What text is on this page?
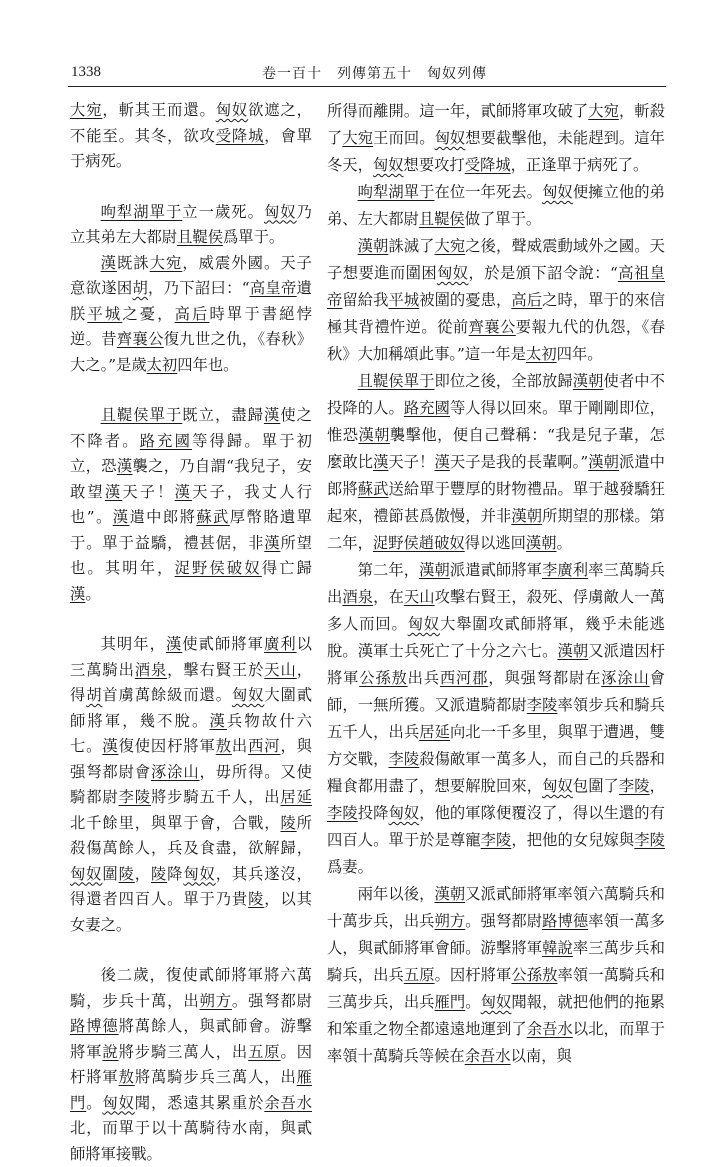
1338	卷一百十　列傳第五十　匈奴列傳

大宛，斬其王而還。匈奴欲遮之，不能至。其冬，欲攻受降城，會單于病死。

呴犁湖單于立一歲死。匈奴乃立其弟左大都尉且鞮侯爲單于。

漢既誅大宛，威震外國。天子意欲遂困胡，乃下詔曰：“高皇帝遺朕平城之憂，高后時單于書絕悖逆。昔齊襄公復九世之仇，《春秋》大之。”是歲太初四年也。

且鞮侯單于既立，盡歸漢使之不降者。路充國等得歸。單于初立，恐漢襲之，乃自謂“我兒子，安敢望漢天子！漢天子，我丈人行也”。漢遣中郎將蘇武厚幣賂遺單于。單于益驕，禮甚倨，非漢所望也。其明年，浞野侯破奴得亡歸漢。

其明年，漢使貳師將軍廣利以三萬騎出酒泉，擊右賢王於天山，得胡首虜萬餘級而還。匈奴大圍貳師將軍，幾不脫。漢兵物故什六七。漢復使因杅將軍敖出西河，與强弩都尉會涿涂山，毋所得。又使騎都尉李陵將步騎五千人，出居延北千餘里，與單于會，合戰，陵所殺傷萬餘人，兵及食盡，欲解歸，匈奴圍陵，陵降匈奴，其兵遂沒，得還者四百人。單于乃貴陵，以其女妻之。

後二歲，復使貳師將軍將六萬騎，步兵十萬，出朔方。强弩都尉路博德將萬餘人，與貳師會。游擊將軍說將步騎三萬人，出五原。因杅將軍敖將萬騎步兵三萬人，出雁門。匈奴聞，悉遠其累重於余吾水北，而單于以十萬騎待水南，與貳師將軍接戰。

所得而離開。這一年，貳師將軍攻破了大宛，斬殺了大宛王而回。匈奴想要截擊他，未能趕到。這年冬天，匈奴想要攻打受降城，正逢單于病死了。

呴犁湖單于在位一年死去。匈奴便擁立他的弟弟、左大都尉且鞮侯做了單于。

漢朝誅滅了大宛之後，聲威震動域外之國。天子想要進而圍困匈奴，於是頒下詔令說：“高祖皇帝留給我平城被圍的憂患，高后之時，單于的來信極其背禮忤逆。從前齊襄公要報九代的仇怨，《春秋》大加稱頌此事。”這一年是太初四年。

且鞮侯單于即位之後，全部放歸漢朝使者中不投降的人。路充國等人得以回來。單于剛剛即位，惟恐漢朝襲擊他，便自己聲稱：“我是兒子輩，怎麼敢比漢天子！漢天子是我的長輩啊。”漢朝派遣中郎將蘇武送給單于豐厚的財物禮品。單于越發驕狂起來，禮節甚爲傲慢，并非漢朝所期望的那樣。第二年，浞野侯趙破奴得以逃回漢朝。

第二年，漢朝派遣貳師將軍李廣利率三萬騎兵出酒泉，在天山攻擊右賢王，殺死、俘虜敵人一萬多人而回。匈奴大舉圍攻貳師將軍，幾乎未能逃脫。漢軍士兵死亡了十分之六七。漢朝又派遣因杅將軍公孫敖出兵西河郡，與强弩都尉在涿涂山會師，一無所獲。又派遣騎都尉李陵率領步兵和騎兵五千人，出兵居延向北一千多里，與單于遭遇，雙方交戰，李陵殺傷敵軍一萬多人，而自己的兵器和糧食都用盡了，想要解脫回來，匈奴包圍了李陵，李陵投降匈奴，他的軍隊便覆沒了，得以生還的有四百人。單于於是尊寵李陵，把他的女兒嫁與李陵爲妻。

兩年以後，漢朝又派貳師將軍率領六萬騎兵和十萬步兵，出兵朔方。强弩都尉路博德率領一萬多人，與貳師將軍會師。游擊將軍韓說率三萬步兵和騎兵，出兵五原。因杅將軍公孫敖率領一萬騎兵和三萬步兵，出兵雁門。匈奴聞報，就把他們的拖累和笨重之物全都遠遠地運到了余吾水以北，而單于率領十萬騎兵等候在余吾水以南，與
